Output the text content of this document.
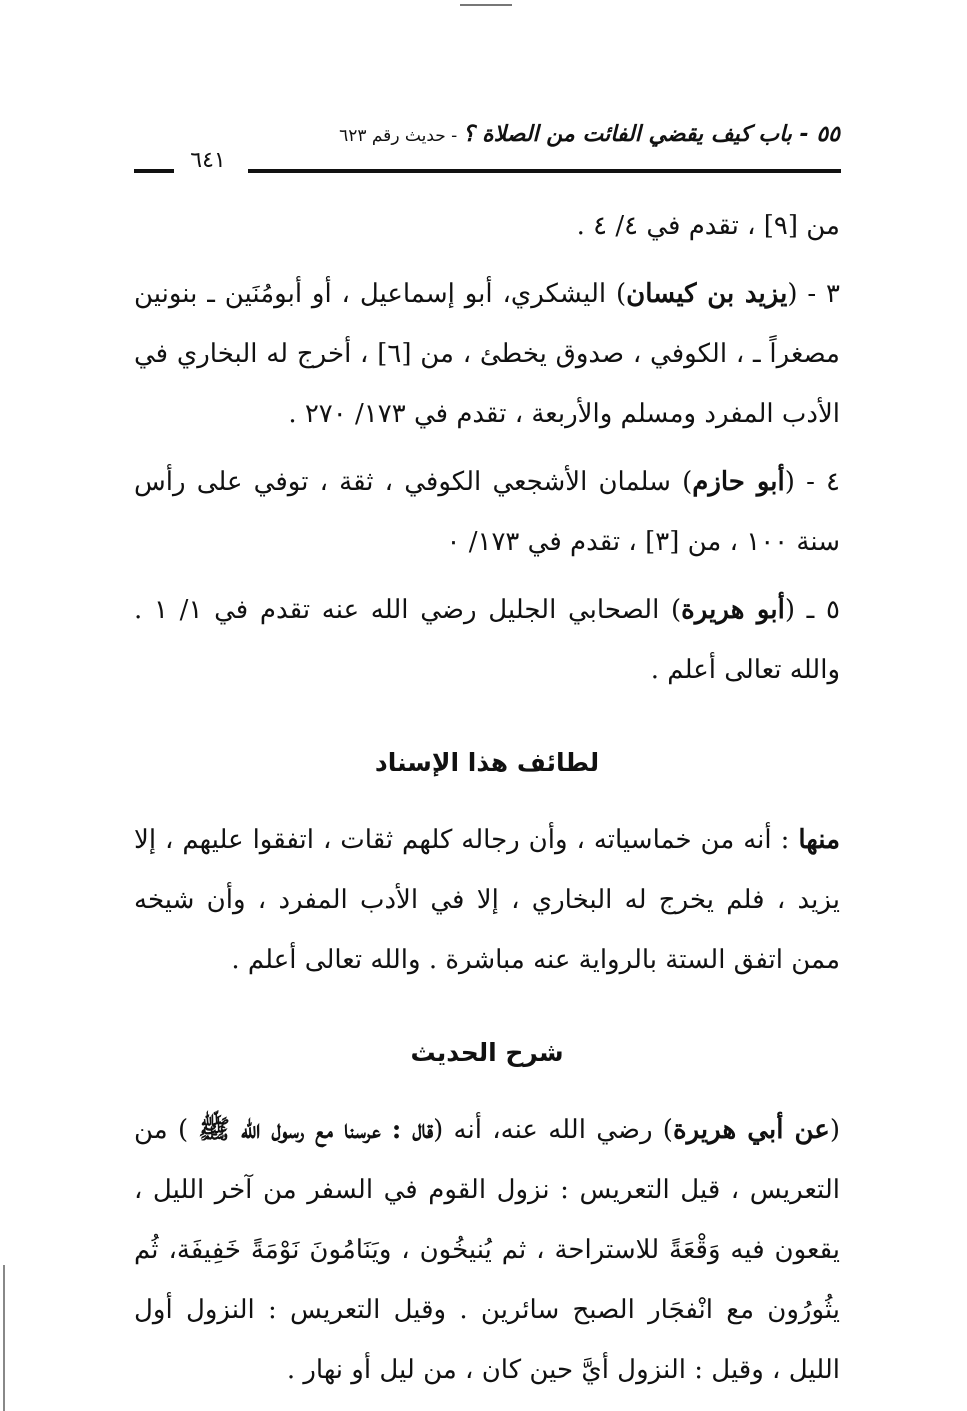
٥٥ - باب كيف يقضي الفائت من الصلاة ؟ - حديث رقم ٦٢٣
٦٤١

من [٩] ، تقدم في ٤/ ٤ .

٣ - (يزيد بن كيسان) اليشكري، أبو إسماعيل ، أو أبومُنَين ـ بنونين مصغراً ـ ، الكوفي ، صدوق يخطئ ، من [٦] ، أخرج له البخاري في الأدب المفرد ومسلم والأربعة ، تقدم في ١٧٣/ ٢٧٠ .

٤ - (أبو حازم) سلمان الأشجعي الكوفي ، ثقة ، توفي على رأس سنة ١٠٠ ، من [٣] ، تقدم في ١٧٣/ ٠

٥ ـ (أبو هريرة) الصحابي الجليل رضي الله عنه تقدم في ١/ ١ . والله تعالى أعلم .

لطائف هذا الإسناد

منها : أنه من خماسياته ، وأن رجاله كلهم ثقات ، اتفقوا عليهم ، إلا يزيد ، فلم يخرج له البخاري ، إلا في الأدب المفرد ، وأن شيخه ممن اتفق الستة بالرواية عنه مباشرة . والله تعالى أعلم .

شرح الحديث

(عن أبي هريرة) رضي الله عنه، أنه (قال : عرسنا مع رسول الله ﷺ ) من التعريس ، قيل التعريس : نزول القوم في السفر من آخر الليل ، يقعون فيه وَقْعَةً للاستراحة ، ثم يُنيخُون ، ويَنَامُونَ نَوْمَةً خَفِيفَة، ثُم يثُورُون مع انْفجَار الصبح سائرين . وقيل التعريس : النزول أول الليل ، وقيل : النزول أيَّ حين كان ، من ليل أو نهار .
